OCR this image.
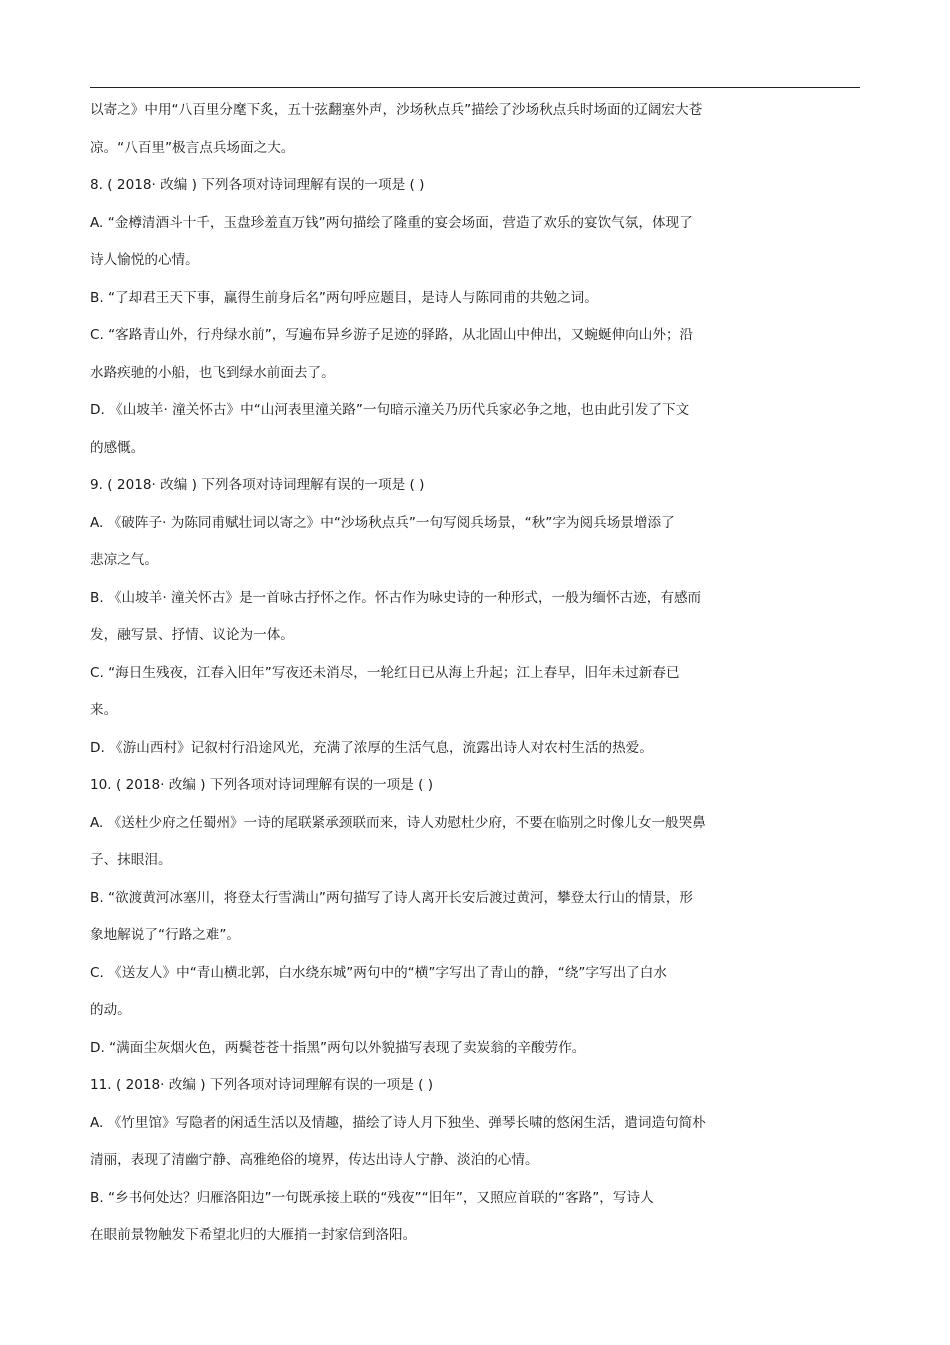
以寄之》中用“八百里分麾下炙，五十弦翻塞外声，沙场秋点兵”描绘了沙场秋点兵时场面的辽阔宏大苍
凉。“八百里”极言点兵场面之大。
8. ( 2018· 改编 ) 下列各项对诗词理解有误的一项是 ( )
A. “金樽清酒斗十千，玉盘珍羞直万钱”两句描绘了隆重的宴会场面，营造了欢乐的宴饮气氛，体现了
诗人愉悦的心情。
B. “了却君王天下事，赢得生前身后名”两句呼应题目，是诗人与陈同甫的共勉之词。
C. “客路青山外，行舟绿水前”，写遍布异乡游子足迹的驿路，从北固山中伸出，又蜿蜒伸向山外；沿
水路疾驰的小船，也飞到绿水前面去了。
D. 《山坡羊· 潼关怀古》中“山河表里潼关路”一句暗示潼关乃历代兵家必争之地，也由此引发了下文
的感慨。
9. ( 2018· 改编 ) 下列各项对诗词理解有误的一项是 ( )
A. 《破阵子· 为陈同甫赋壮词以寄之》中“沙场秋点兵”一句写阅兵场景，“秋”字为阅兵场景增添了
悲凉之气。
B. 《山坡羊· 潼关怀古》是一首咏古抒怀之作。怀古作为咏史诗的一种形式，一般为缅怀古迹，有感而
发，融写景、抒情、议论为一体。
C. “海日生残夜，江春入旧年”写夜还未消尽，一轮红日已从海上升起；江上春早，旧年未过新春已
来。
D. 《游山西村》记叙村行沿途风光，充满了浓厚的生活气息，流露出诗人对农村生活的热爱。
10. ( 2018· 改编 ) 下列各项对诗词理解有误的一项是 ( )
A. 《送杜少府之任蜀州》一诗的尾联紧承颈联而来，诗人劝慰杜少府，不要在临别之时像儿女一般哭鼻
子、抹眼泪。
B. “欲渡黄河冰塞川，将登太行雪满山”两句描写了诗人离开长安后渡过黄河，攀登太行山的情景，形
象地解说了“行路之难”。
C. 《送友人》中“青山横北郭，白水绕东城”两句中的“横”字写出了青山的静，“绕”字写出了白水
的动。
D. “满面尘灰烟火色，两鬓苍苍十指黑”两句以外貌描写表现了卖炭翁的辛酸劳作。
11. ( 2018· 改编 ) 下列各项对诗词理解有误的一项是 ( )
A. 《竹里馆》写隐者的闲适生活以及情趣，描绘了诗人月下独坐、弹琴长啸的悠闲生活，遣词造句简朴
清丽，表现了清幽宁静、高雅绝俗的境界，传达出诗人宁静、淡泊的心情。
B. “乡书何处达？归雁洛阳边”一句既承接上联的“残夜”“旧年”，又照应首联的“客路”，写诗人
在眼前景物触发下希望北归的大雁捎一封家信到洛阳。
